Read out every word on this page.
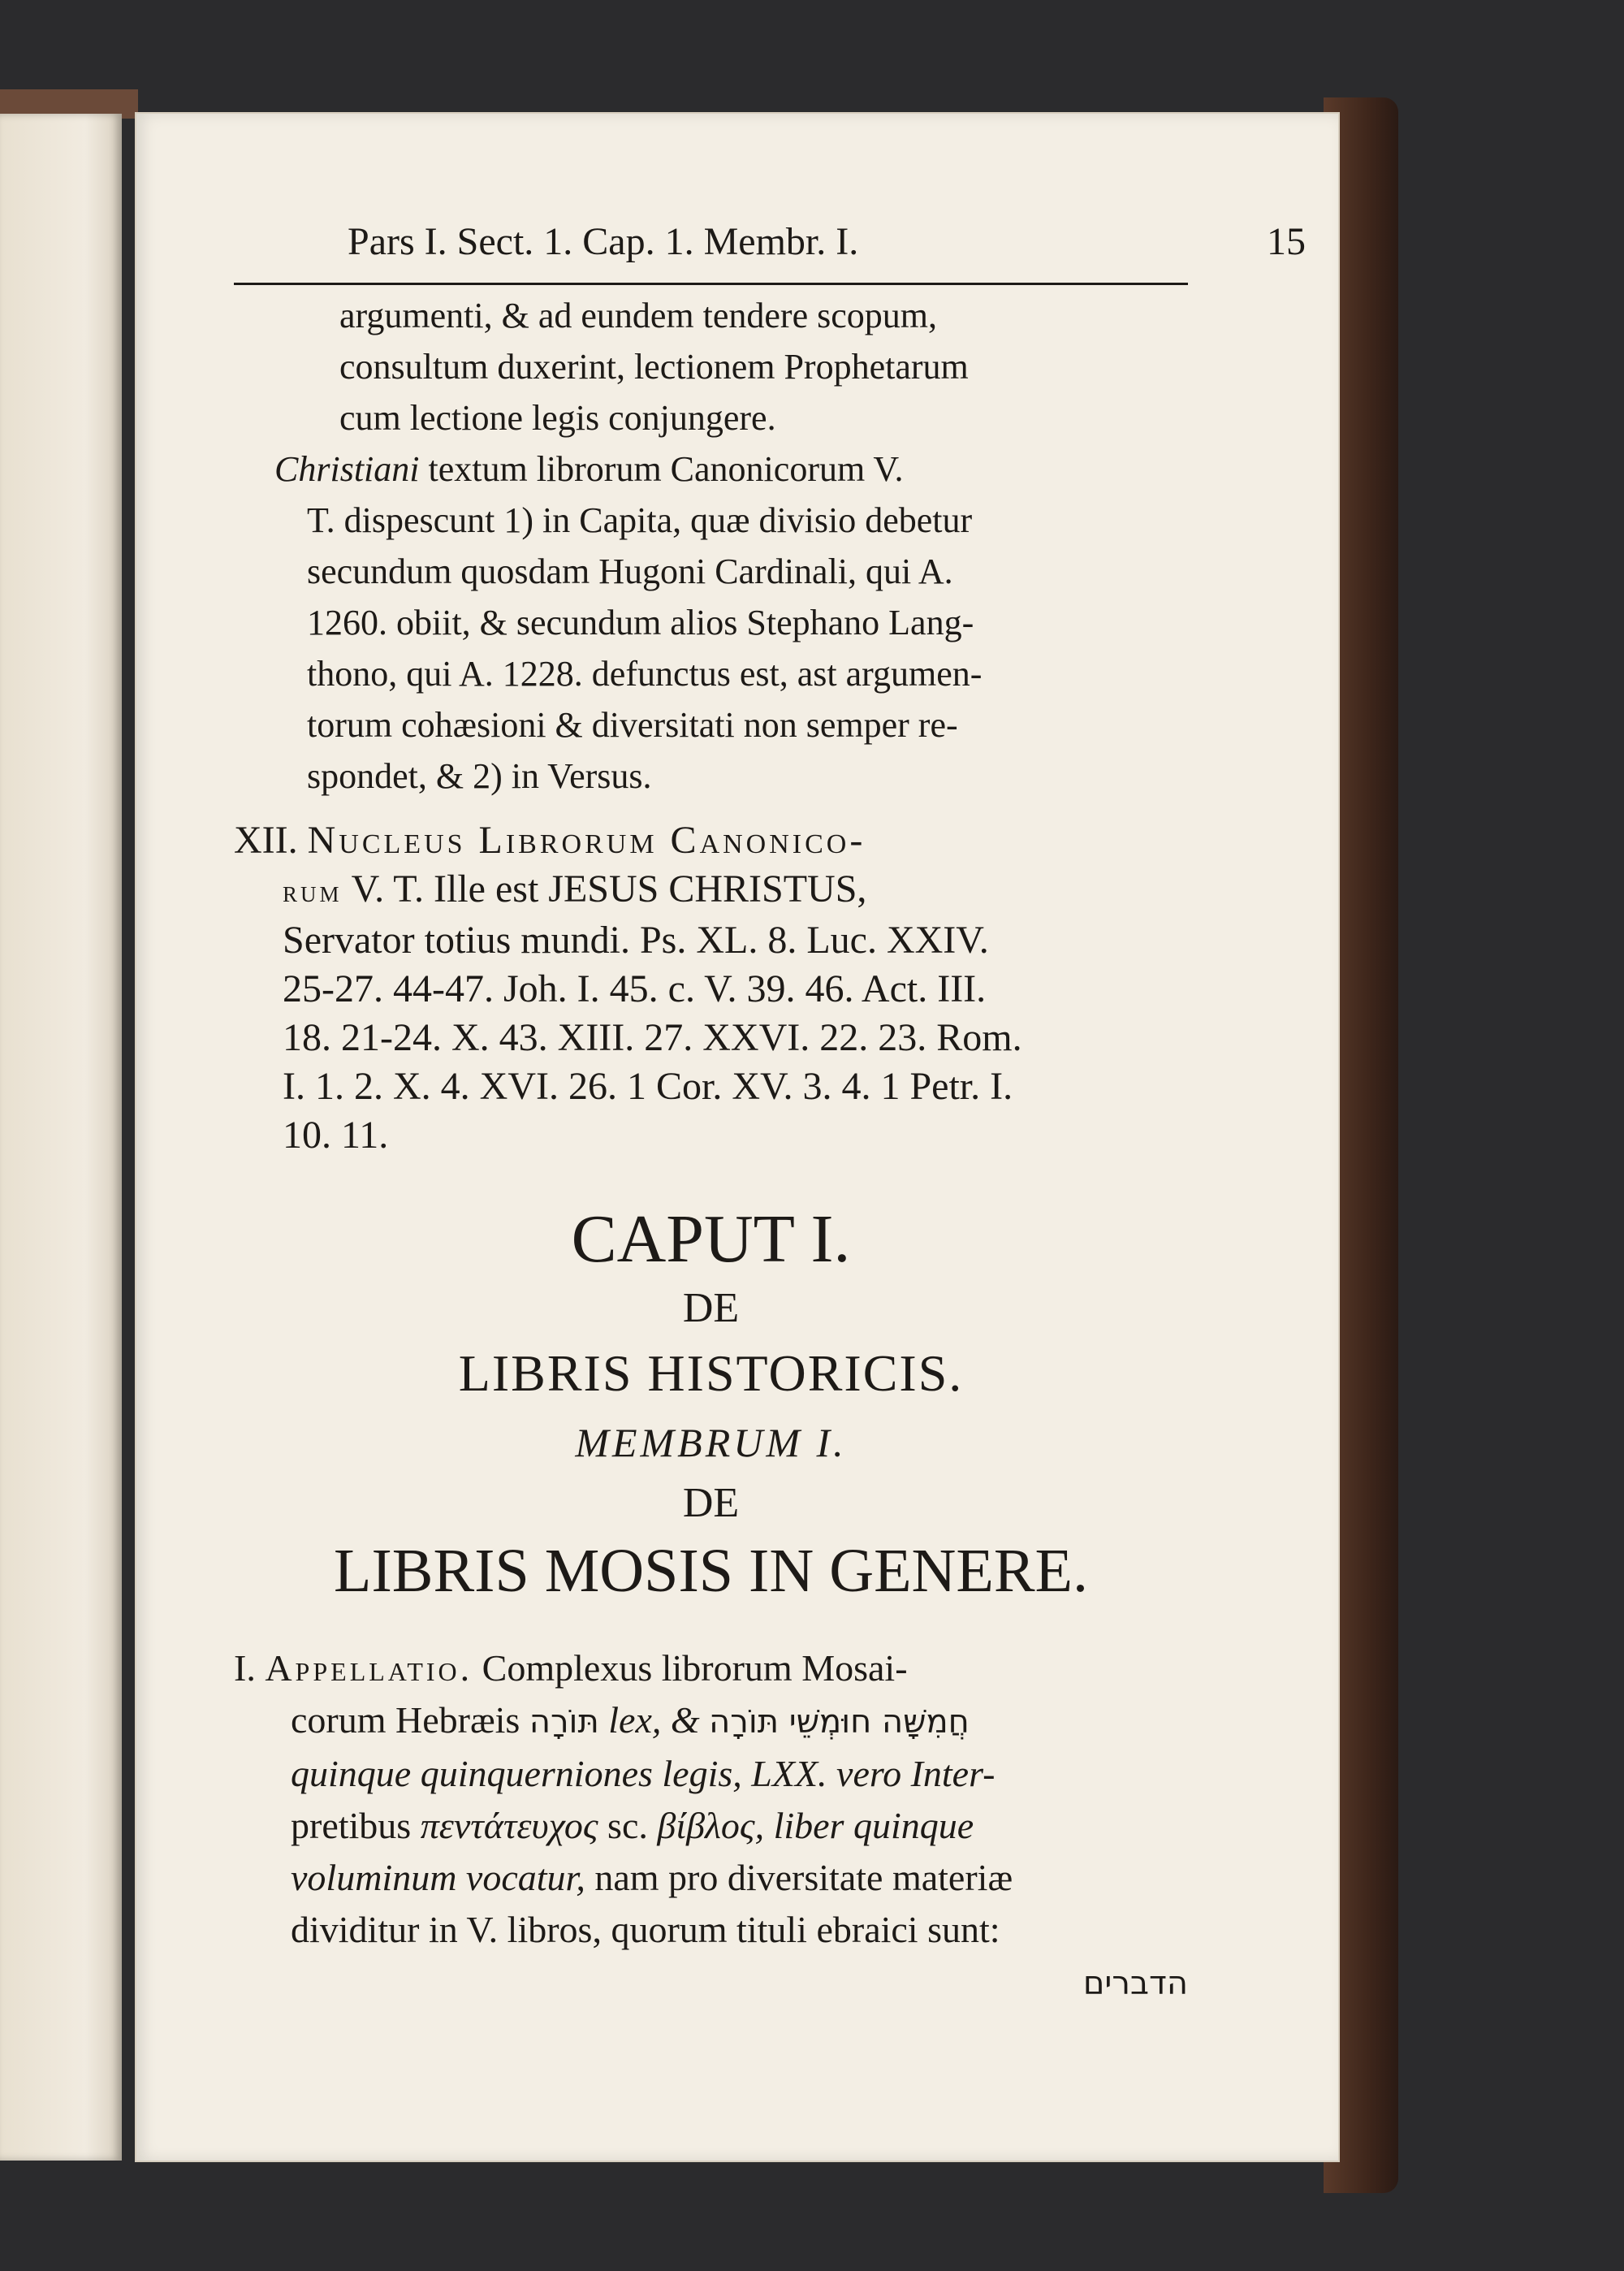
Pars I. Sect. 1. Cap. 1. Membr. I.	15
argumenti, & ad eundem tendere scopum,
consultum duxerint, lectionem Prophetarum
cum lectione legis conjungere.
Christiani textum librorum Canonicorum V.
T. dispescunt 1) in Capita, quæ divisio debetur
secundum quosdam Hugoni Cardinali, qui A.
1260. obiit, & secundum alios Stephano Lang-
thono, qui A. 1228. defunctus est, ast argumen-
torum cohæsioni & diversitati non semper re-
spondet, & 2) in Versus.
XII. Nucleus Librorum Canonico-
rum V. T. Ille est JESUS CHRISTUS,
Servator totius mundi. Ps. XL. 8. Luc. XXIV.
25-27. 44-47. Joh. I. 45. c. V. 39. 46. Act. III.
18. 21-24. X. 43. XIII. 27. XXVI. 22. 23. Rom.
I. 1. 2. X. 4. XVI. 26. 1 Cor. XV. 3. 4. 1 Petr. I.
10. 11.
CAPUT I.
DE
LIBRIS HISTORICIS.
MEMBRUM I.
DE
LIBRIS MOSIS IN GENERE.
I. Appellatio. Complexus librorum Mosai-
corum Hebræis תּוֹרָה lex, & חֲמִשָּׁה חוּמְשֵׁי תּוֹרָה
quinque quinquerniones legis, LXX. vero Inter-
pretibus πεντάτευχος sc. βίβλος, liber quinque
voluminum vocatur, nam pro diversitate materiæ
dividitur in V. libros, quorum tituli ebraici sunt:
הדברים
